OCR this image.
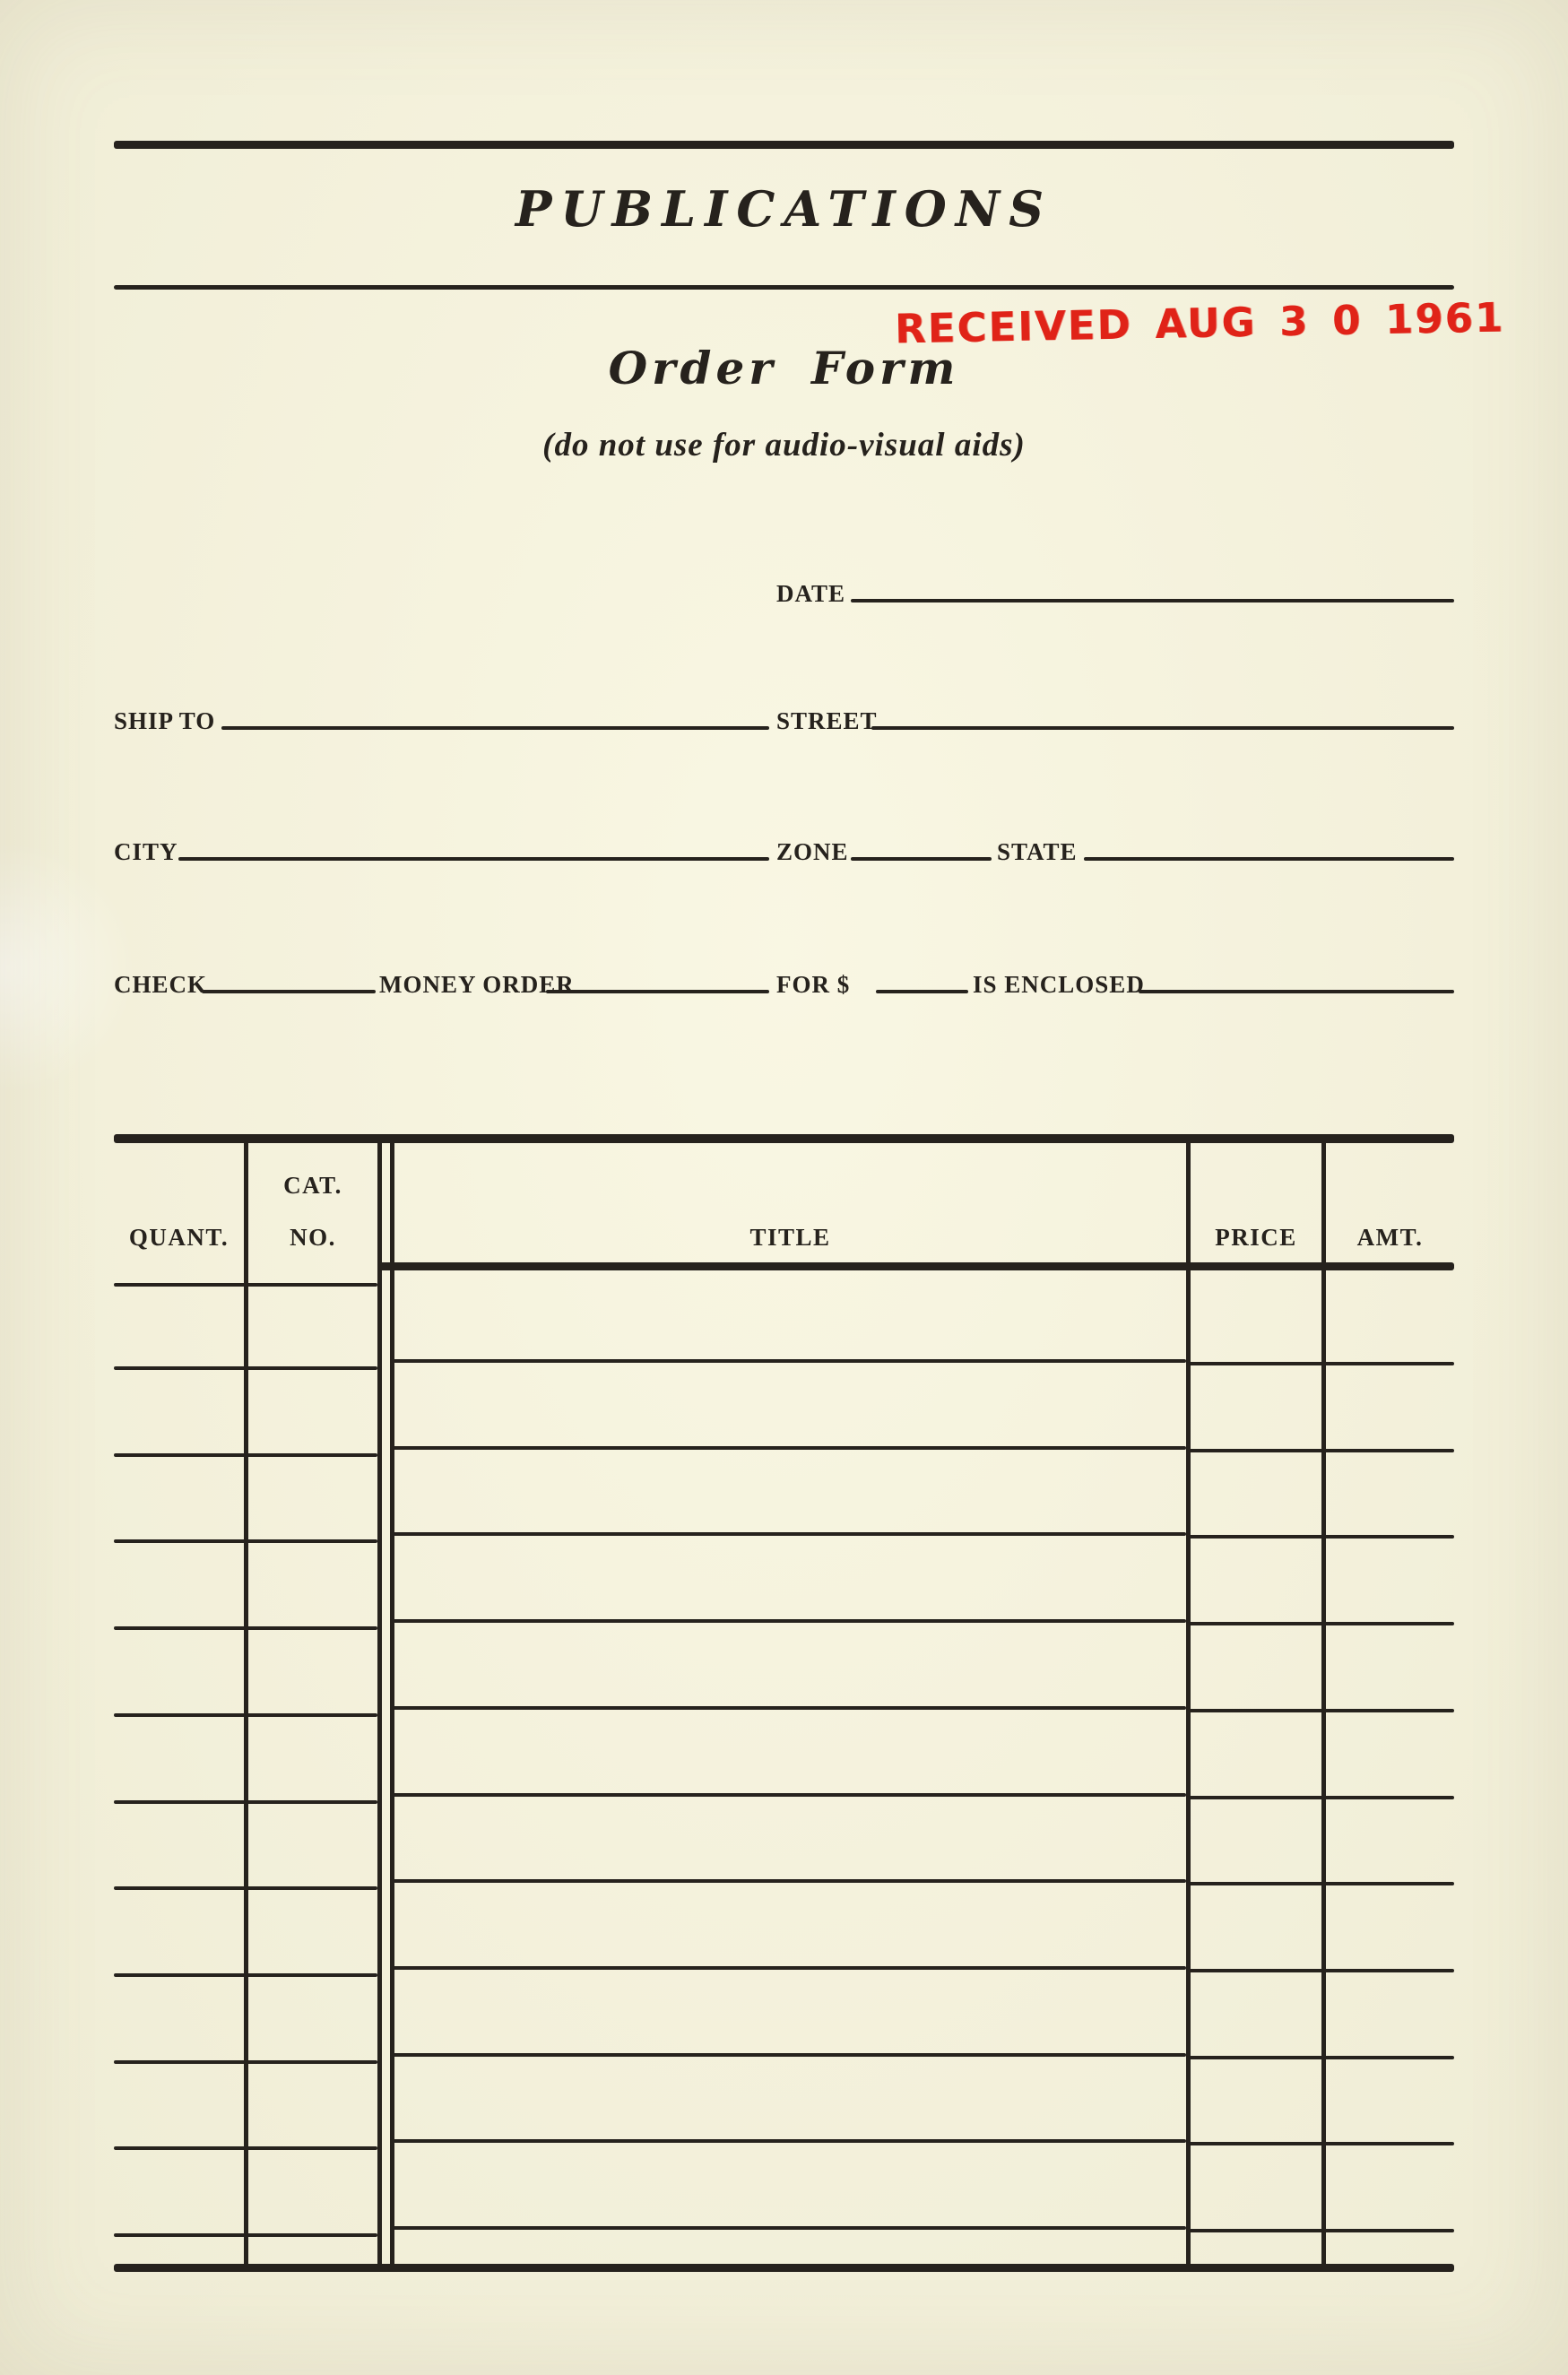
PUBLICATIONS
RECEIVED AUG 3 0 1961
Order Form
(do not use for audio-visual aids)
DATE
SHIP TO	STREET
CITY	ZONE	STATE
CHECK	MONEY ORDER	FOR $	IS ENCLOSED
CAT.
QUANT.	NO.	TITLE	PRICE	AMT.
